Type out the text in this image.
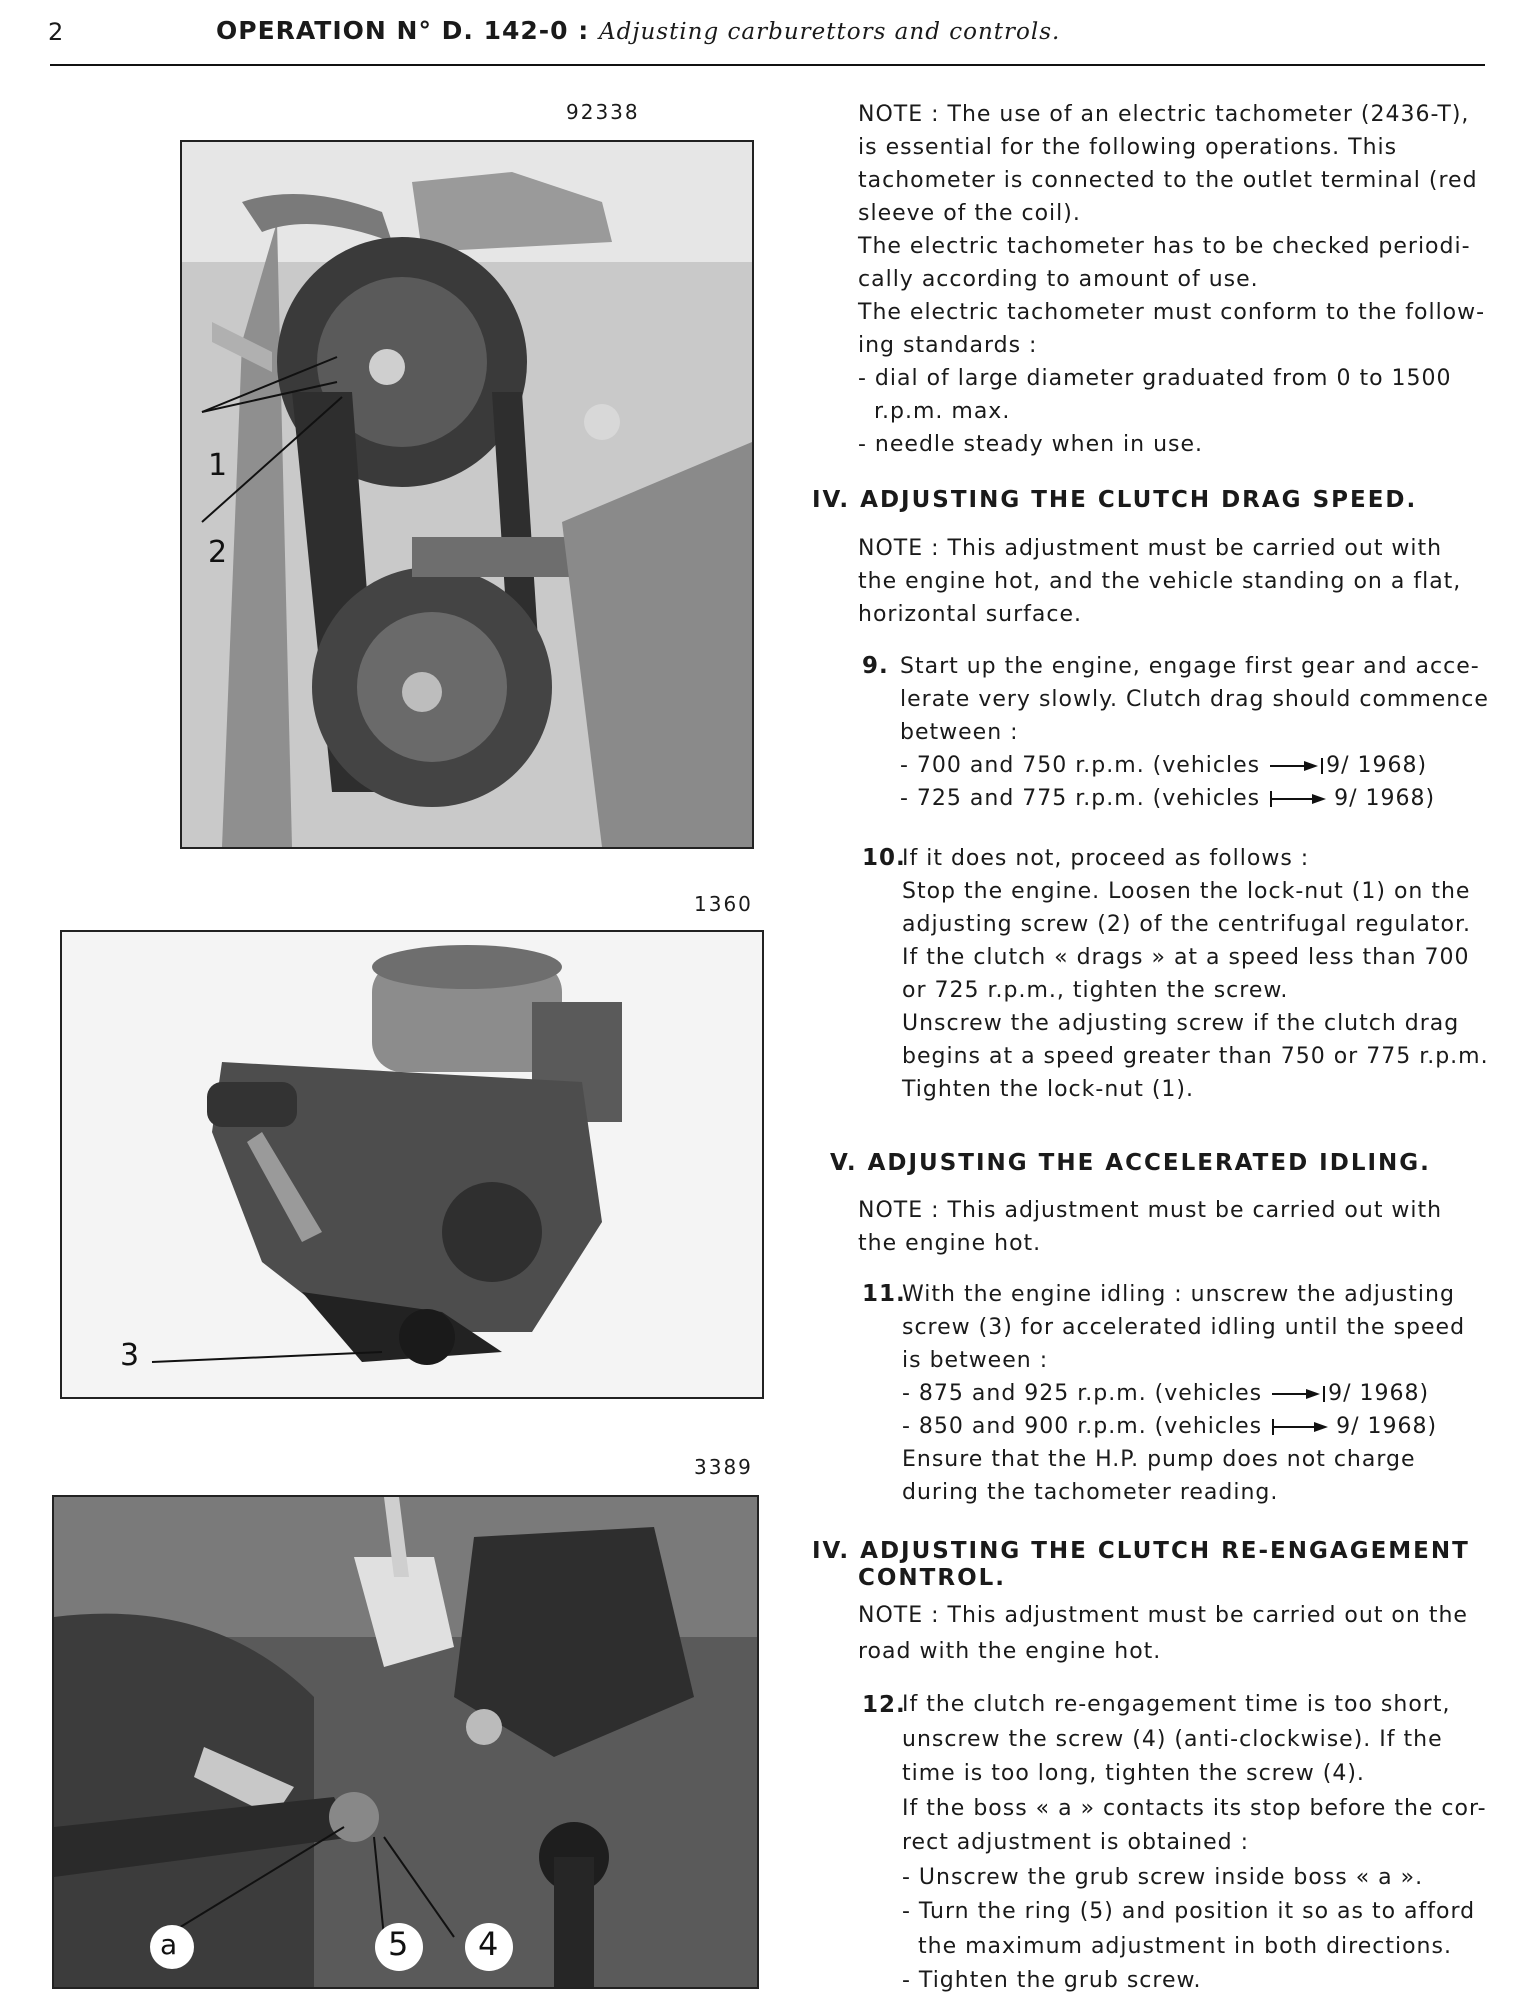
2	OPERATION N° D. 142-0 : Adjusting carburettors and controls.
92338
1
2
1360
3
3389
a	5 4

NOTE : The use of an electric tachometer (2436-T),

is essential for the following operations. This

tachometer is connected to the outlet terminal (red

sleeve of the coil).

The electric tachometer has to be checked periodi-

cally according to amount of use.

The electric tachometer must conform to the follow-

ing standards :

- dial of large diameter graduated from 0 to 1500

r.p.m. max.

- needle steady when in use.

IV. ADJUSTING THE CLUTCH DRAG SPEED.

NOTE : This adjustment must be carried out with

the engine hot, and the vehicle standing on a flat,

horizontal surface.

9. Start up the engine, engage first gear and acce-

lerate very slowly. Clutch drag should commence

between :

- 700 and 750 r.p.m. (vehicles	9/ 1968)

- 725 and 775 r.p.m. (vehicles	9/ 1968)

10.

If it does not, proceed as follows :

Stop the engine. Loosen the lock-nut (1) on the

adjusting screw (2) of the centrifugal regulator.

If the clutch « drags » at a speed less than 700

or 725 r.p.m., tighten the screw.

Unscrew the adjusting screw if the clutch drag

begins at a speed greater than 750 or 775 r.p.m.

Tighten the lock-nut (1).

V. ADJUSTING THE ACCELERATED IDLING.

NOTE : This adjustment must be carried out with

the engine hot.

11.

With the engine idling : unscrew the adjusting

screw (3) for accelerated idling until the speed

is between :

- 875 and 925 r.p.m. (vehicles	9/ 1968)

- 850 and 900 r.p.m. (vehicles	9/ 1968)

Ensure that the H.P. pump does not charge

during the tachometer reading.

IV. ADJUSTING THE CLUTCH RE-ENGAGEMENT
CONTROL.

NOTE : This adjustment must be carried out on the

road with the engine hot.

12.

If the clutch re-engagement time is too short,

unscrew the screw (4) (anti-clockwise). If the

time is too long, tighten the screw (4).

If the boss « a » contacts its stop before the cor-

rect adjustment is obtained :

- Unscrew the grub screw inside boss « a ».

- Turn the ring (5) and position it so as to afford

the maximum adjustment in both directions.

- Tighten the grub screw.
